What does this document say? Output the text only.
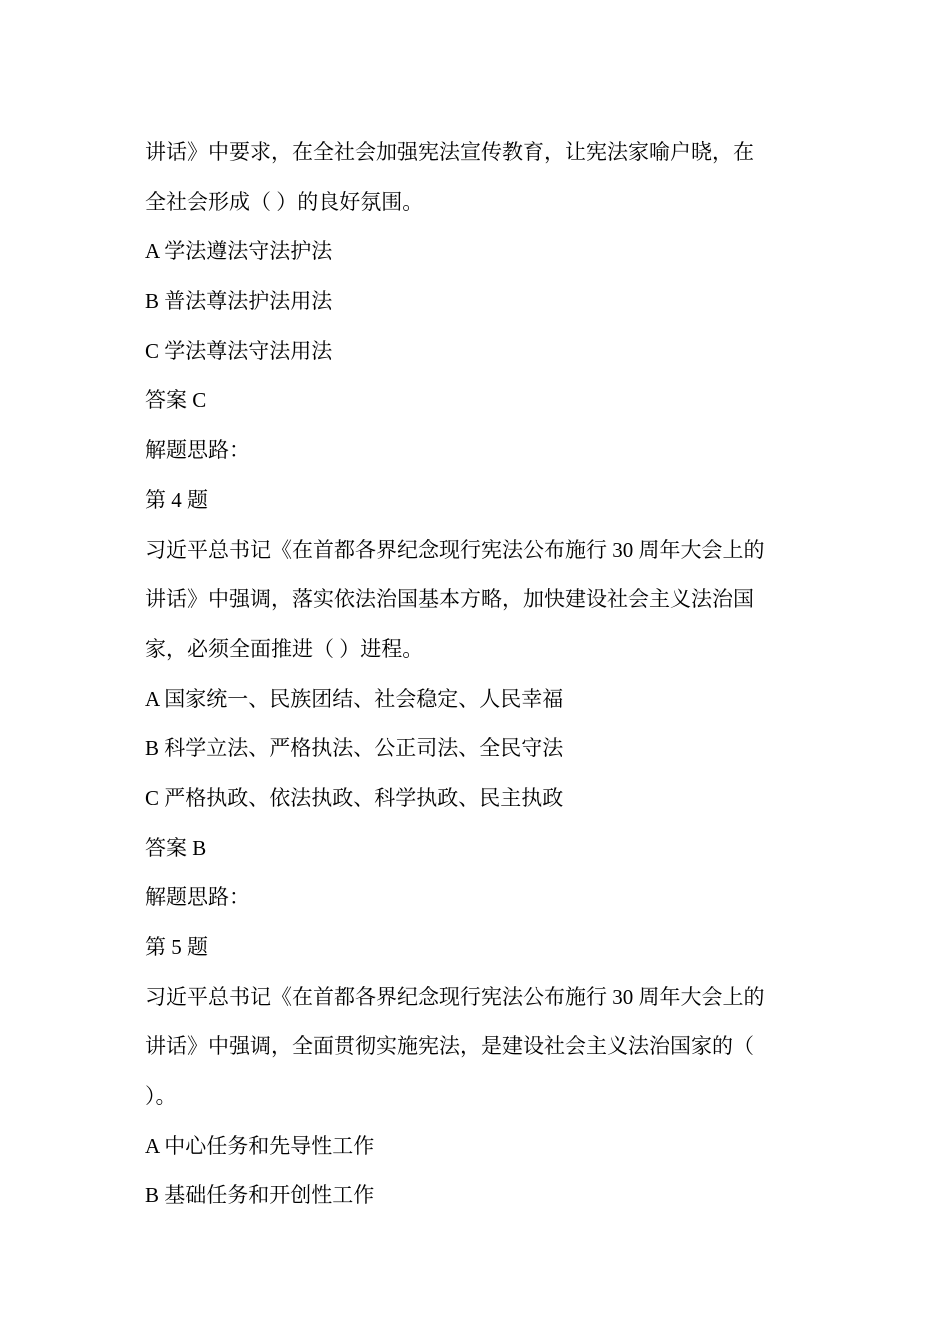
讲话》中要求，在全社会加强宪法宣传教育，让宪法家喻户晓，在
全社会形成（ ）的良好氛围。
A 学法遵法守法护法
B 普法尊法护法用法
C 学法尊法守法用法
答案 C
解题思路：
第 4 题
习近平总书记《在首都各界纪念现行宪法公布施行 30 周年大会上的
讲话》中强调，落实依法治国基本方略，加快建设社会主义法治国
家，必须全面推进（ ）进程。
A 国家统一、民族团结、社会稳定、人民幸福
B 科学立法、严格执法、公正司法、全民守法
C 严格执政、依法执政、科学执政、民主执政
答案 B
解题思路：
第 5 题
习近平总书记《在首都各界纪念现行宪法公布施行 30 周年大会上的
讲话》中强调，全面贯彻实施宪法，是建设社会主义法治国家的（
）。
A 中心任务和先导性工作
B 基础任务和开创性工作
